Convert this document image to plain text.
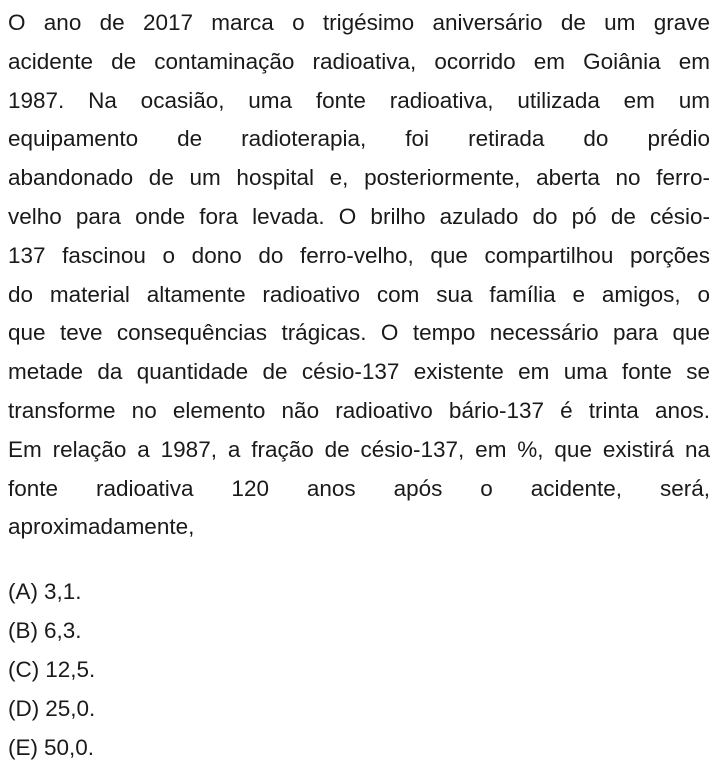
O ano de 2017 marca o trigésimo aniversário de um grave
acidente de contaminação radioativa, ocorrido em Goiânia em
1987. Na ocasião, uma fonte radioativa, utilizada em um
equipamento de radioterapia, foi retirada do prédio
abandonado de um hospital e, posteriormente, aberta no ferro-
velho para onde fora levada. O brilho azulado do pó de césio-
137 fascinou o dono do ferro-velho, que compartilhou porções
do material altamente radioativo com sua família e amigos, o
que teve consequências trágicas. O tempo necessário para que
metade da quantidade de césio-137 existente em uma fonte se
transforme no elemento não radioativo bário-137 é trinta anos.
Em relação a 1987, a fração de césio-137, em %, que existirá na
fonte radioativa 120 anos após o acidente, será,
aproximadamente,
(A) 3,1.
(B) 6,3.
(C) 12,5.
(D) 25,0.
(E) 50,0.
